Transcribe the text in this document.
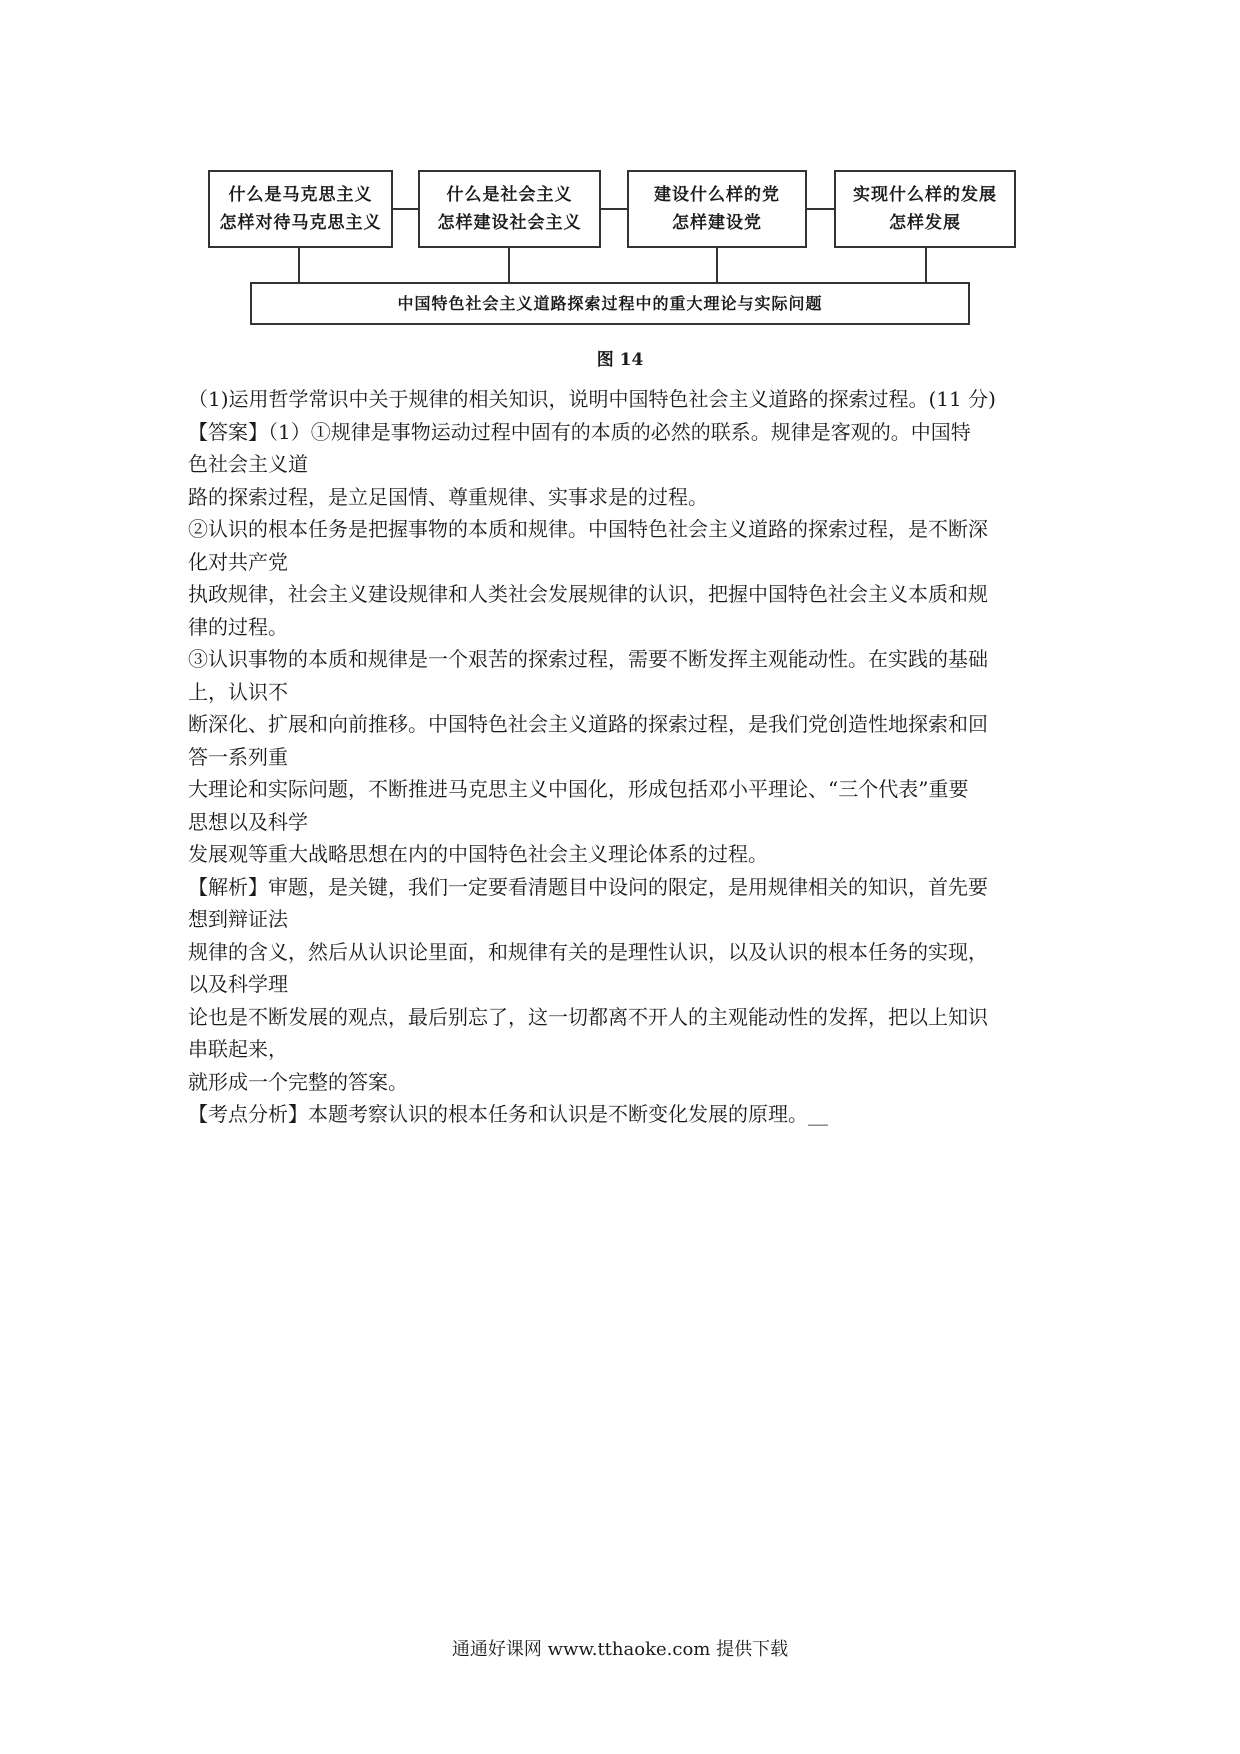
什么是马克思主义
怎样对待马克思主义
什么是社会主义
怎样建设社会主义
建设什么样的党
怎样建设党
实现什么样的发展
怎样发展
中国特色社会主义道路探索过程中的重大理论与实际问题
图 14
（1)运用哲学常识中关于规律的相关知识，说明中国特色社会主义道路的探索过程。(11 分)
【答案】（1）①规律是事物运动过程中固有的本质的必然的联系。规律是客观的。中国特
色社会主义道
路的探索过程，是立足国情、尊重规律、实事求是的过程。
②认识的根本任务是把握事物的本质和规律。中国特色社会主义道路的探索过程，是不断深
化对共产党
执政规律，社会主义建设规律和人类社会发展规律的认识，把握中国特色社会主义本质和规
律的过程。
③认识事物的本质和规律是一个艰苦的探索过程，需要不断发挥主观能动性。在实践的基础
上，认识不
断深化、扩展和向前推移。中国特色社会主义道路的探索过程，是我们党创造性地探索和回
答一系列重
大理论和实际问题，不断推进马克思主义中国化，形成包括邓小平理论、“三个代表”重要
思想以及科学
发展观等重大战略思想在内的中国特色社会主义理论体系的过程。
【解析】审题，是关键，我们一定要看清题目中设问的限定，是用规律相关的知识，首先要
想到辩证法
规律的含义，然后从认识论里面，和规律有关的是理性认识，以及认识的根本任务的实现，
以及科学理
论也是不断发展的观点，最后别忘了，这一切都离不开人的主观能动性的发挥，把以上知识
串联起来，
就形成一个完整的答案。
【考点分析】本题考察认识的根本任务和认识是不断变化发展的原理。__
通通好课网 www.tthaoke.com 提供下载
